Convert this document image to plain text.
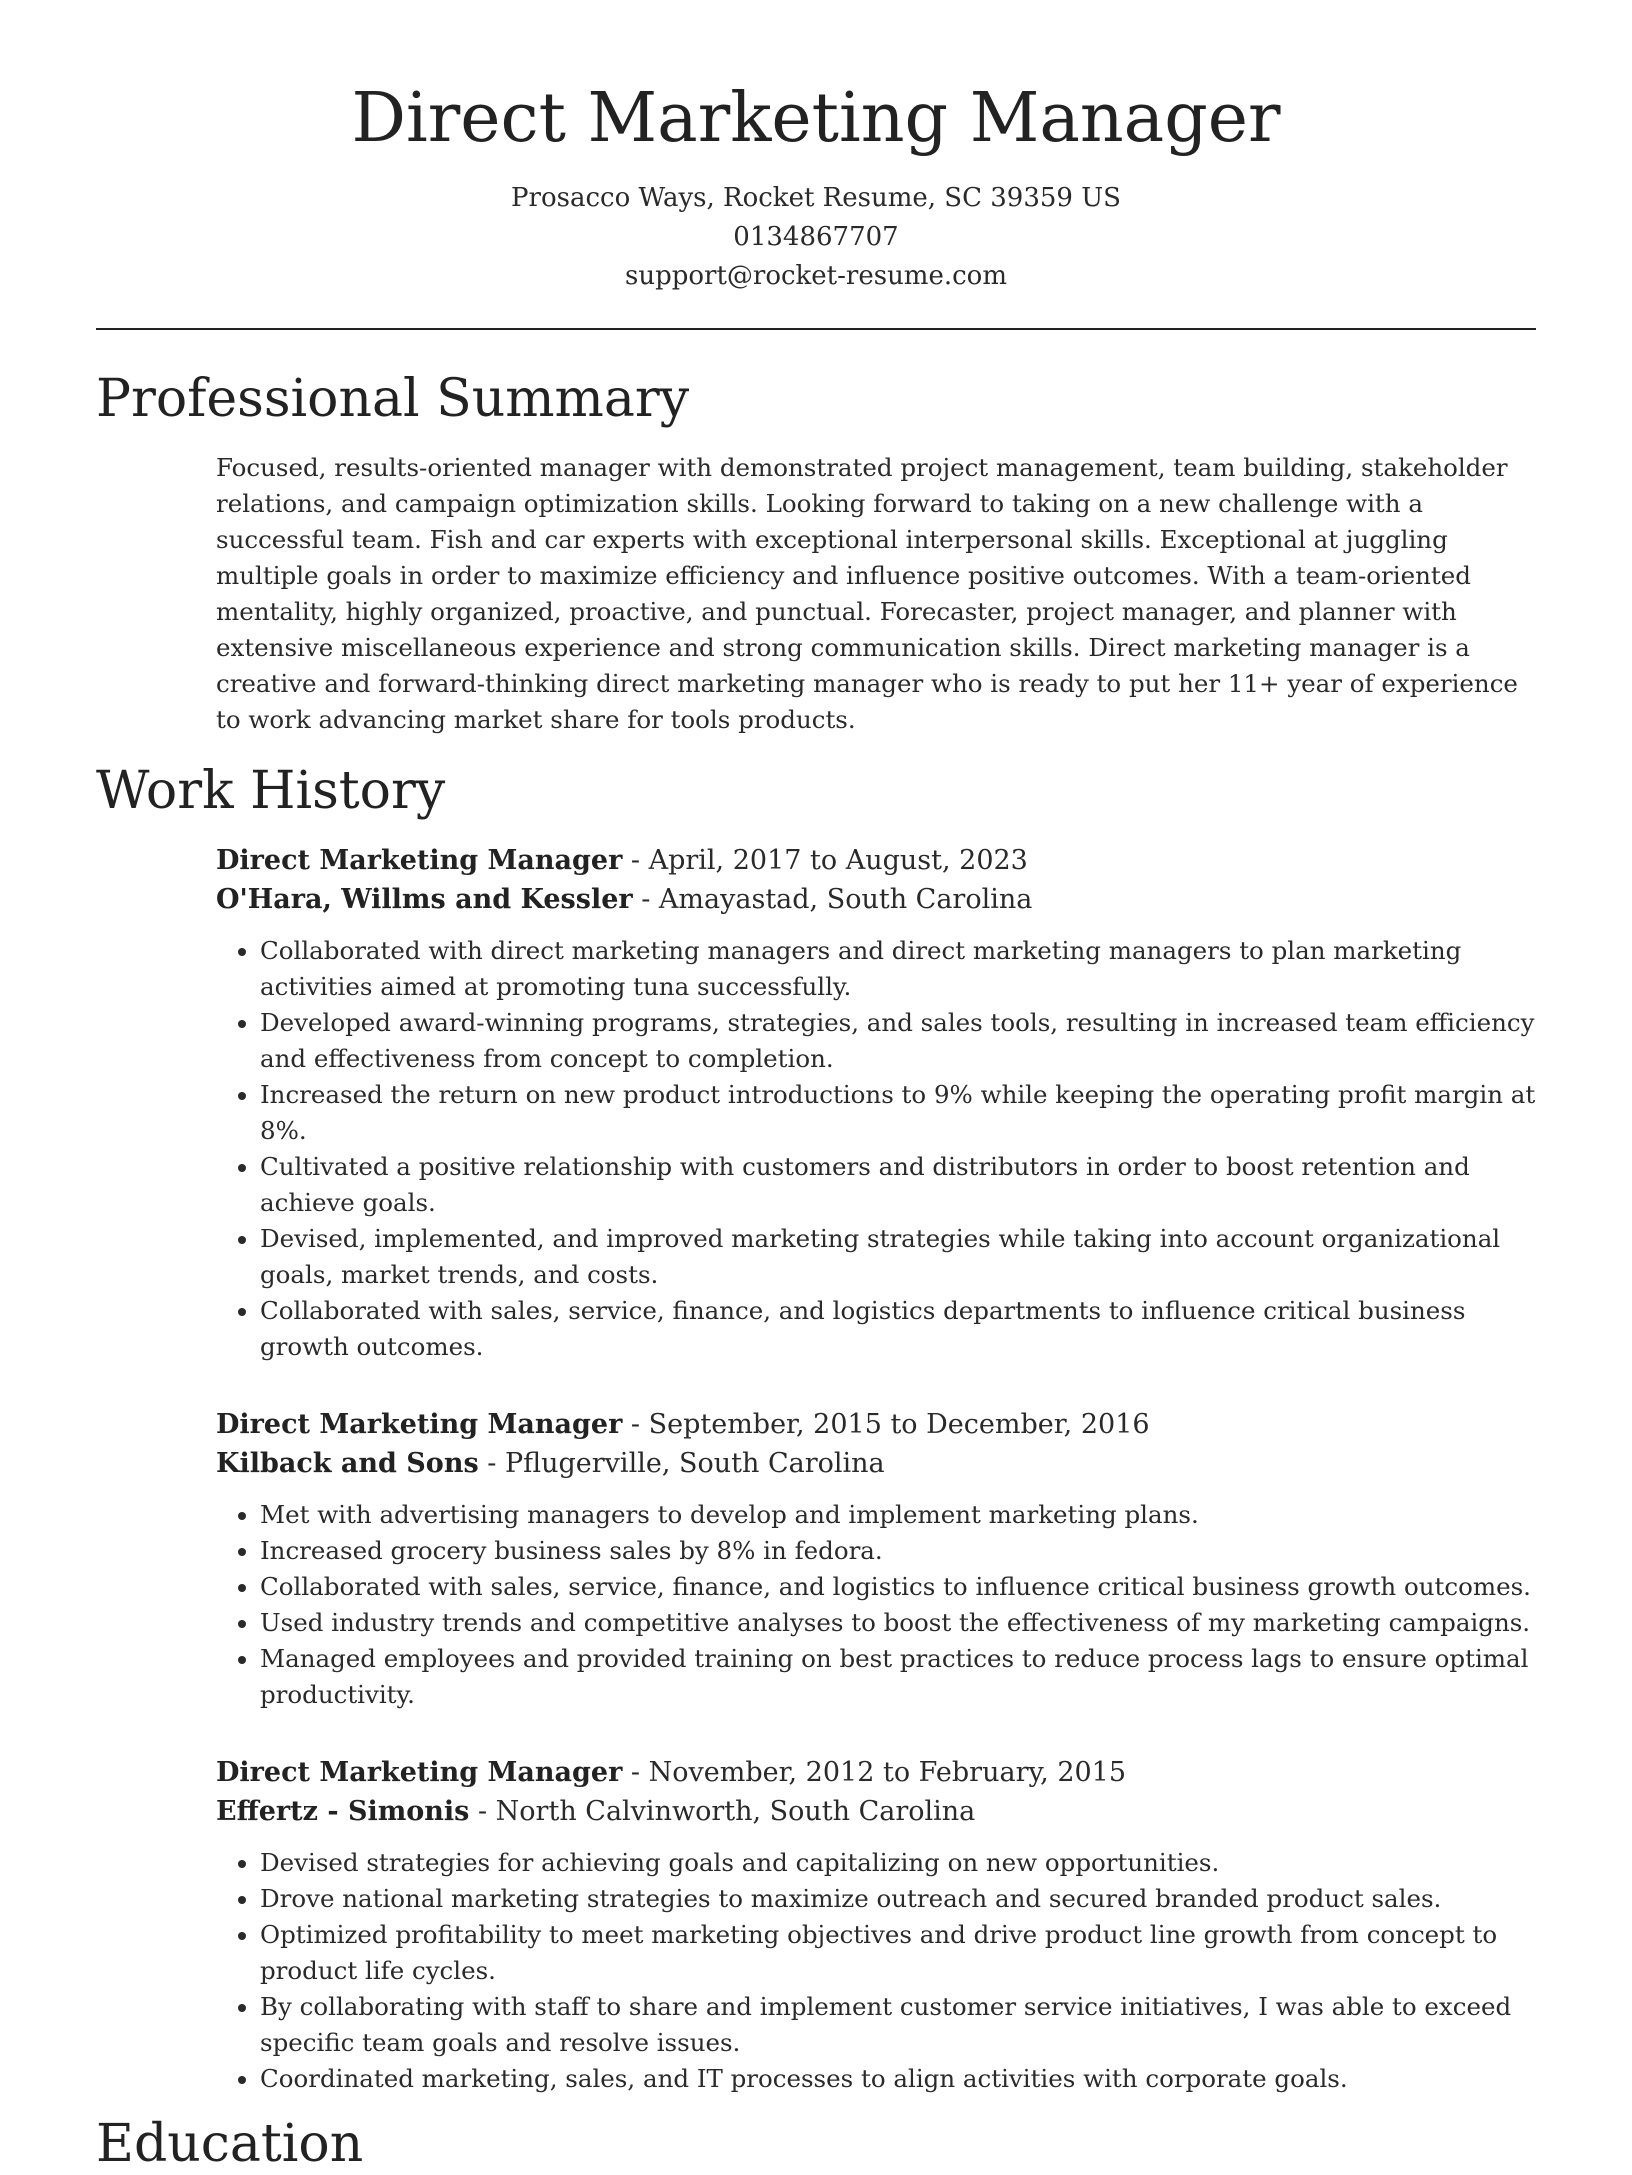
Direct Marketing Manager
Prosacco Ways, Rocket Resume, SC 39359 US
0134867707
support@rocket-resume.com
Professional Summary

Focused, results-oriented manager with demonstrated project management, team building, stakeholder relations, and campaign optimization skills. Looking forward to taking on a new challenge with a successful team. Fish and car experts with exceptional interpersonal skills. Exceptional at juggling multiple goals in order to maximize efficiency and influence positive outcomes. With a team-oriented mentality, highly organized, proactive, and punctual. Forecaster, project manager, and planner with extensive miscellaneous experience and strong communication skills. Direct marketing manager is a creative and forward-thinking direct marketing manager who is ready to put her 11+ year of experience to work advancing market share for tools products.

Work History
Direct Marketing Manager - April, 2017 to August, 2023
O'Hara, Willms and Kessler - Amayastad, South Carolina
• Collaborated with direct marketing managers and direct marketing managers to plan marketing activities aimed at promoting tuna successfully.
• Developed award-winning programs, strategies, and sales tools, resulting in increased team efficiency and effectiveness from concept to completion.
• Increased the return on new product introductions to 9% while keeping the operating profit margin at 8%.
• Cultivated a positive relationship with customers and distributors in order to boost retention and achieve goals.
• Devised, implemented, and improved marketing strategies while taking into account organizational goals, market trends, and costs.
• Collaborated with sales, service, finance, and logistics departments to influence critical business growth outcomes.
Direct Marketing Manager - September, 2015 to December, 2016
Kilback and Sons - Pflugerville, South Carolina
• Met with advertising managers to develop and implement marketing plans.
• Increased grocery business sales by 8% in fedora.
• Collaborated with sales, service, finance, and logistics to influence critical business growth outcomes.
• Used industry trends and competitive analyses to boost the effectiveness of my marketing campaigns.
• Managed employees and provided training on best practices to reduce process lags to ensure optimal productivity.
Direct Marketing Manager - November, 2012 to February, 2015
Effertz - Simonis - North Calvinworth, South Carolina
• Devised strategies for achieving goals and capitalizing on new opportunities.
• Drove national marketing strategies to maximize outreach and secured branded product sales.
• Optimized profitability to meet marketing objectives and drive product line growth from concept to product life cycles.
• By collaborating with staff to share and implement customer service initiatives, I was able to exceed specific team goals and resolve issues.
• Coordinated marketing, sales, and IT processes to align activities with corporate goals.
Education
